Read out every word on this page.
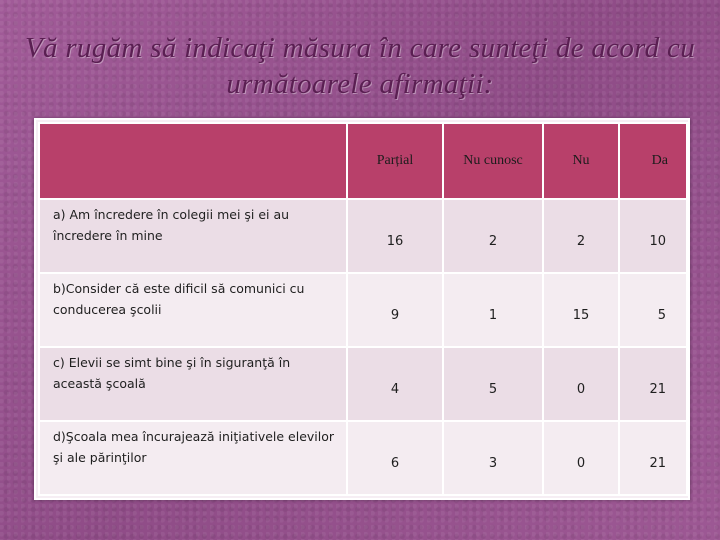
Vă rugăm să indicaţi măsura în care sunteţi de acord cu următoarele afirmaţii:
	Parțial	Nu cunosc	Nu	Da
a) Am încredere în colegii mei şi ei au încredere în mine	16	2	2	10
b)Consider că este dificil să comunici cu conducerea şcolii	9	1	15	5
c) Elevii se simt bine şi în siguranţă în această şcoală	4	5	0	21
d)Şcoala mea încurajează iniţiativele elevilor şi ale părinţilor	6	3	0	21
